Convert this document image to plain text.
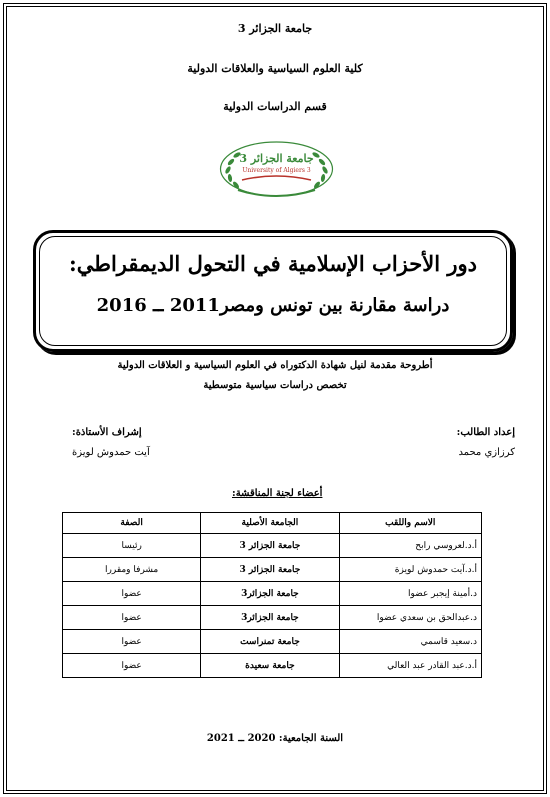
جامعة الجزائر 3
كلية العلوم السياسية والعلاقات الدولية
قسم الدراسات الدولية
جامعة الجزائر 3
University of Algiers 3
دور الأحزاب الإسلامية في التحول الديمقراطي:
دراسة مقارنة بين تونس ومصر2011 ــ 2016
أطروحة مقدمة لنيل شهادة الدكتوراه في العلوم السياسية و العلاقات الدولية
تخصص دراسات سياسية متوسطية
إعداد الطالب:
كرزازي محمد
إشراف الأستاذة:
آيت حمدوش لويزة
أعضاء لجنة المناقشة:
الاسم واللقب	الجامعة الأصلية	الصفة
أ.د.لعروسي رابح	جامعة الجزائر 3	رئيسا
أ.د.آيت حمدوش لويزة	جامعة الجزائر 3	مشرفا ومقررا
د.أمينة إيجبر عضوا	جامعة الجزائر3	عضوا
د.عبدالحق بن سعدي عضوا	جامعة الجزائر3	عضوا
د.سعيد قاسمي	جامعة تمنراست	عضوا
أ.د.عبد القادر عبد العالي	جامعة سعيدة	عضوا
السنة الجامعية: 2020 ــ 2021
